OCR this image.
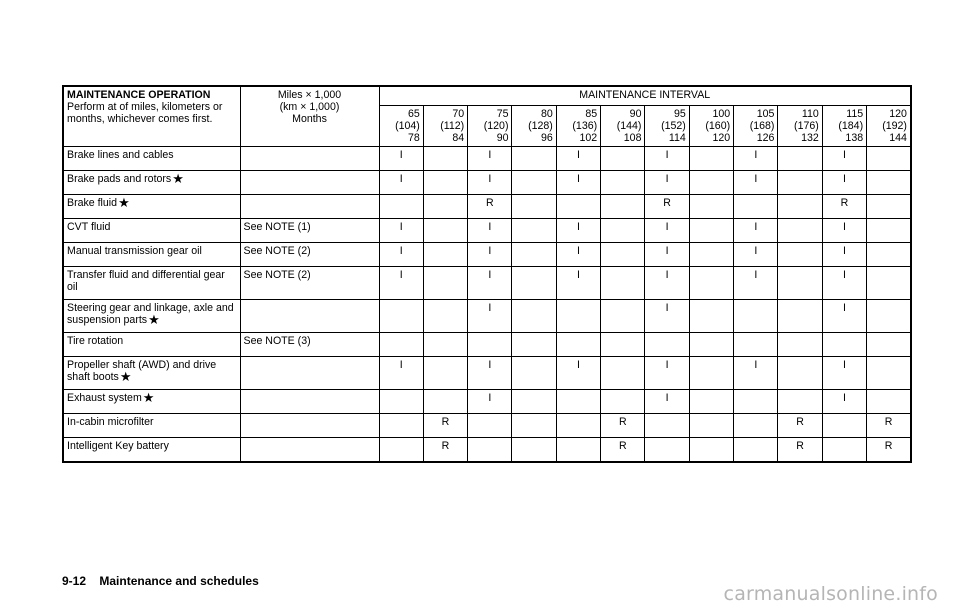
MAINTENANCE OPERATION
Perform at of miles, kilometers or
months, whichever comes first.	Miles × 1,000
(km × 1,000)
Months	MAINTENANCE INTERVAL											
		65
(104)
78	70
(112)
84	75
(120)
90	80
(128)
96	85
(136)
102	90
(144)
108	95
(152)
114	100
(160)
120	105
(168)
126	110
(176)
132	115
(184)
138	120
(192)
144
Brake lines and cables		I		I		I		I		I		I	
Brake pads and rotors★		I		I		I		I		I		I	
Brake fluid★				R				R				R	
CVT fluid	See NOTE (1)	I		I		I		I		I		I	
Manual transmission gear oil	See NOTE (2)	I		I		I		I		I		I	
Transfer fluid and differential gear oil	See NOTE (2)	I		I		I		I		I		I	
Steering gear and linkage, axle and suspension parts★				I				I				I	
Tire rotation	See NOTE (3)												
Propeller shaft (AWD) and drive shaft boots★		I		I		I		I		I		I	
Exhaust system★				I				I				I	
In-cabin microfilter			R				R				R		R
Intelligent Key battery			R				R				R		R
9-12 Maintenance and schedules
carmanualsonline.info
